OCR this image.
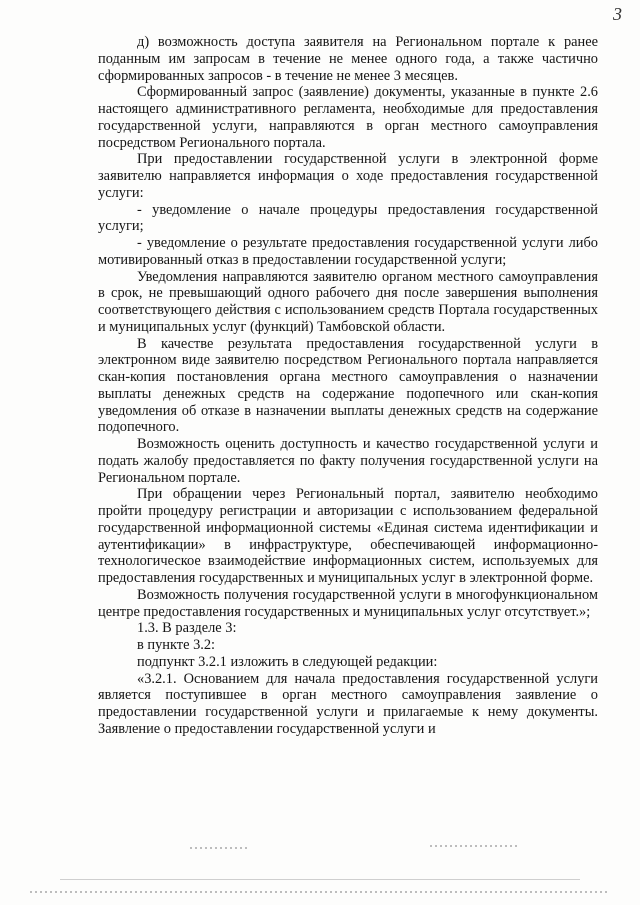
3

д) возможность доступа заявителя на Региональном портале к ранее поданным им запросам в течение не менее одного года, а также частично сформированных запросов - в течение не менее 3 месяцев.

Сформированный запрос (заявление) документы, указанные в пункте 2.6 настоящего административного регламента, необходимые для предоставления государственной услуги, направляются в орган местного самоуправления посредством Регионального портала.

При предоставлении государственной услуги в электронной форме заявителю направляется информация о ходе предоставления государственной услуги:

- уведомление о начале процедуры предоставления государственной услуги;

- уведомление о результате предоставления государственной услуги либо мотивированный отказ в предоставлении государственной услуги;

Уведомления направляются заявителю органом местного самоуправления в срок, не превышающий одного рабочего дня после завершения выполнения соответствующего действия с использованием средств Портала государственных и муниципальных услуг (функций) Тамбовской области.

В качестве результата предоставления государственной услуги в электронном виде заявителю посредством Регионального портала направляется скан-копия постановления органа местного самоуправления о назначении выплаты денежных средств на содержание подопечного или скан-копия уведомления об отказе в назначении выплаты денежных средств на содержание подопечного.

Возможность оценить доступность и качество государственной услуги и подать жалобу предоставляется по факту получения государственной услуги на Региональном портале.

При обращении через Региональный портал, заявителю необходимо пройти процедуру регистрации и авторизации с использованием федеральной государственной информационной системы «Единая система идентификации и аутентификации» в инфраструктуре, обеспечивающей информационно-технологическое взаимодействие информационных систем, используемых для предоставления государственных и муниципальных услуг в электронной форме.

Возможность получения государственной услуги в многофункциональном центре предоставления государственных и муниципальных услуг отсутствует.»;

1.3. В разделе 3:

в пункте 3.2:

подпункт 3.2.1 изложить в следующей редакции:

«3.2.1. Основанием для начала предоставления государственной услуги является поступившее в орган местного самоуправления заявление о предоставлении государственной услуги и прилагаемые к нему документы. Заявление о предоставлении государственной услуги и
